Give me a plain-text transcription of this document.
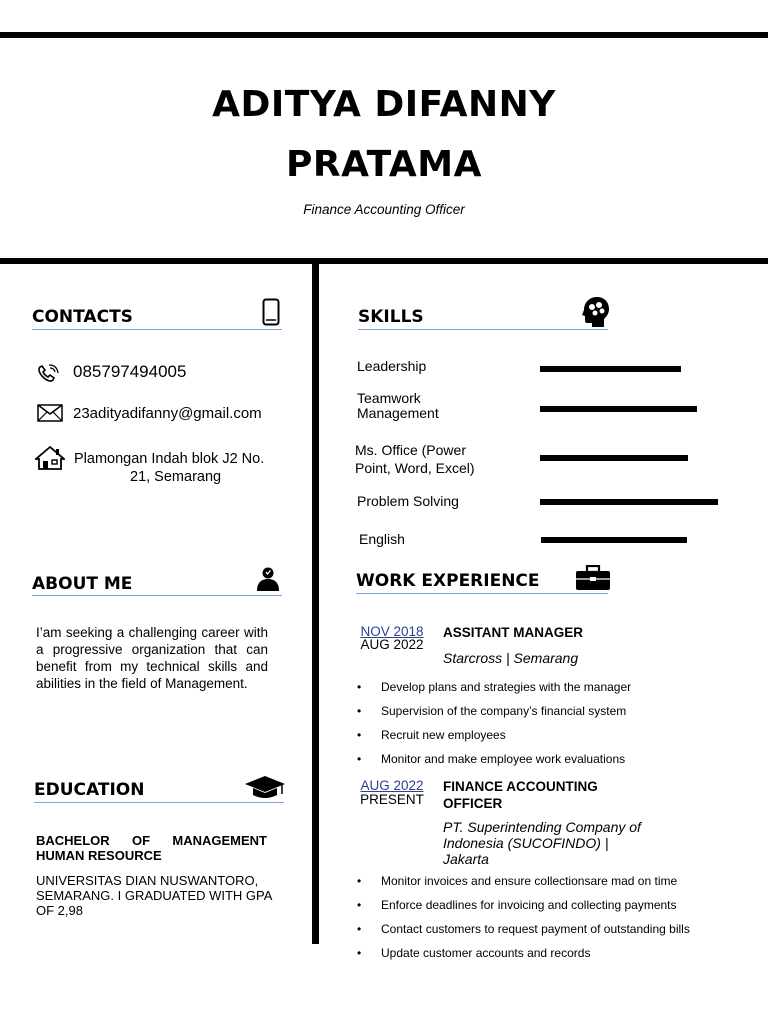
ADITYA DIFANNY
PRATAMA
Finance Accounting Officer
CONTACTS
085797494005
23adityadifanny@gmail.com
Plamongan Indah blok J2 No.
21, Semarang
SKILLS
Leadership
Teamwork
Management
Ms. Office (Power
Point, Word, Excel)
Problem Solving
English
ABOUT ME
I’am seeking a challenging career with a progressive organization that can benefit from my technical skills and abilities in the field of Management.
EDUCATION
BACHELOR OF MANAGEMENT HUMAN RESOURCE
UNIVERSITAS DIAN NUSWANTORO, SEMARANG. I GRADUATED WITH GPA OF 2,98
WORK EXPERIENCE
NOV 2018
AUG 2022
ASSITANT MANAGER
Starcross | Semarang
• Develop plans and strategies with the manager
• Supervision of the company’s financial system
• Recruit new employees
• Monitor and make employee work evaluations
AUG 2022
PRESENT
FINANCE ACCOUNTING
OFFICER
PT. Superintending Company of
Indonesia (SUCOFINDO) |
Jakarta
• Monitor invoices and ensure collectionsare mad on time
• Enforce deadlines for invoicing and collecting payments
• Contact customers to request payment of outstanding bills
• Update customer accounts and records
